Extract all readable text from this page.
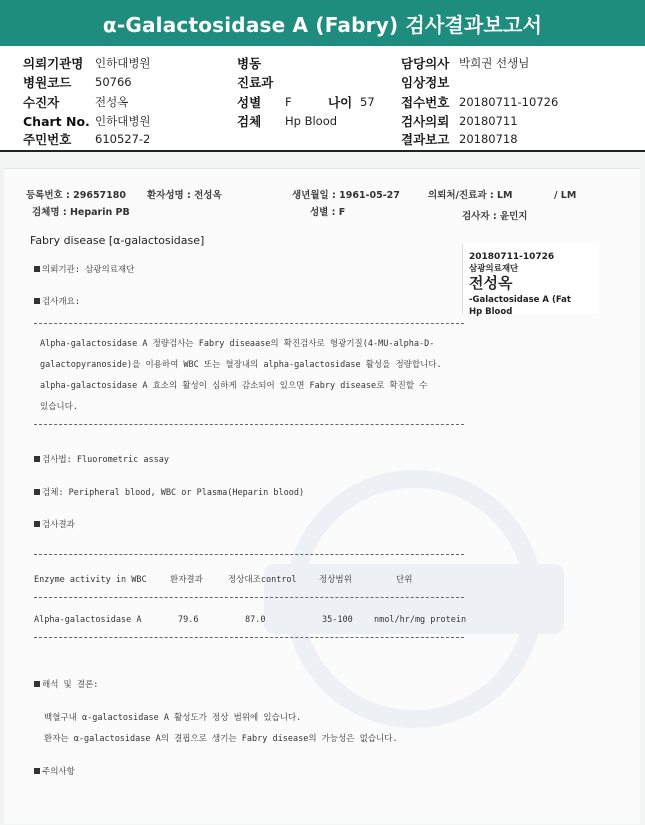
α-Galactosidase A (Fabry) 검사결과보고서
의뢰기관명 인하대병원
병원코드 50766
수진자	전성옥
Chart No. 인하대병원
주민번호 610527-2
병동
진료과
성별 F	나이 57
검체 Hp Blood
담당의사 박희권 선생님
임상정보
접수번호 20180711-10726
검사의뢰 20180711
결과보고 20180718
등록번호 : 29657180 환자성명 : 전성옥	생년월일 : 1961-05-27	의뢰처/진료과 : LM	/ LM
검체명 : Heparin PB	성별 : F	검사자 : 윤민지
Fabry disease [α-galactosidase]
20180711-10726
삼광의료재단
전성옥
-Galactosidase A (Fat
Hp Blood
의뢰기관: 삼광의료재단
검사개요:
Alpha-galactosidase A 정량검사는 Fabry diseaase의 확진검사로 형광기질(4-MU-alpha-D-
galactopyranoside)을 이용하여 WBC 또는 혈장내의 alpha-galactosidase 활성을 정량합니다.
alpha-galactosidase A 효소의 활성이 심하게 감소되어 있으면 Fabry disease로 확진할 수
있습니다.
검사법: Fluorometric assay
검체: Peripheral blood, WBC or Plasma(Heparin blood)
검사결과
Enzyme activity in WBC	환자결과	정상대조control	정상범위	단위
Alpha-galactosidase A	79.6	87.0	35-100	nmol/hr/mg protein
해석 및 결론:
백혈구내 α-galactosidase A 활성도가 정상 범위에 있습니다.
환자는 α-galactosidase A의 결핍으로 생기는 Fabry disease의 가능성은 없습니다.
주의사항
